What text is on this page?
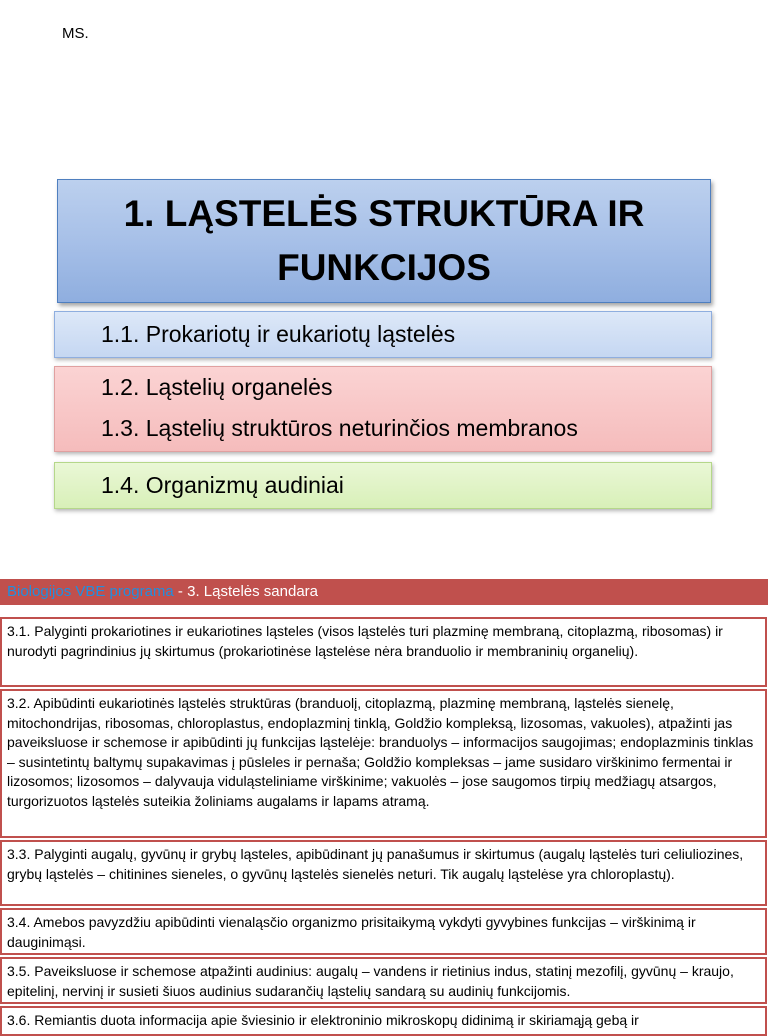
MS.
1. LĄSTELĖS STRUKTŪRA IR FUNKCIJOS
1.1. Prokariotų ir eukariotų ląstelės
1.2. Ląstelių organelės
1.3. Ląstelių struktūros neturinčios membranos
1.4. Organizmų audiniai
Biologijos VBE programa - 3. Ląstelės sandara
3.1. Palyginti prokariotines ir eukariotines ląsteles (visos ląstelės turi plazminę membraną, citoplazmą, ribosomas) ir nurodyti pagrindinius jų skirtumus (prokariotinėse ląstelėse nėra branduolio ir membraninių organelių).
3.2. Apibūdinti eukariotinės ląstelės struktūras (branduolį, citoplazmą, plazminę membraną, ląstelės sienelę, mitochondrijas, ribosomas, chloroplastus, endoplazminį tinklą, Goldžio kompleksą, lizosomas, vakuoles), atpažinti jas paveiksluose ir schemose ir apibūdinti jų funkcijas ląstelėje: branduolys – informacijos saugojimas; endoplazminis tinklas – susintetintų baltymų supakavimas į pūsleles ir pernaša; Goldžio kompleksas – jame susidaro virškinimo fermentai ir lizosomos; lizosomos – dalyvauja viduląsteliniame virškinime; vakuolės – jose saugomos tirpių medžiagų atsargos, turgorizuotos ląstelės suteikia žoliniams augalams ir lapams atramą.
3.3. Palyginti augalų, gyvūnų ir grybų ląsteles, apibūdinant jų panašumus ir skirtumus (augalų ląstelės turi celiuliozines, grybų ląstelės – chitinines sieneles, o gyvūnų ląstelės sienelės neturi. Tik augalų ląstelėse yra chloroplastų).
3.4. Amebos pavyzdžiu apibūdinti vienaląsčio organizmo prisitaikymą vykdyti gyvybines funkcijas – virškinimą ir dauginimąsi.
3.5. Paveiksluose ir schemose atpažinti audinius: augalų – vandens ir rietinius indus, statinį mezofilį, gyvūnų – kraujo, epitelinį, nervinį ir susieti šiuos audinius sudarančių ląstelių sandarą su audinių funkcijomis.
3.6. Remiantis duota informacija apie šviesinio ir elektroninio mikroskopų didinimą ir skiriamąją gebą ir
